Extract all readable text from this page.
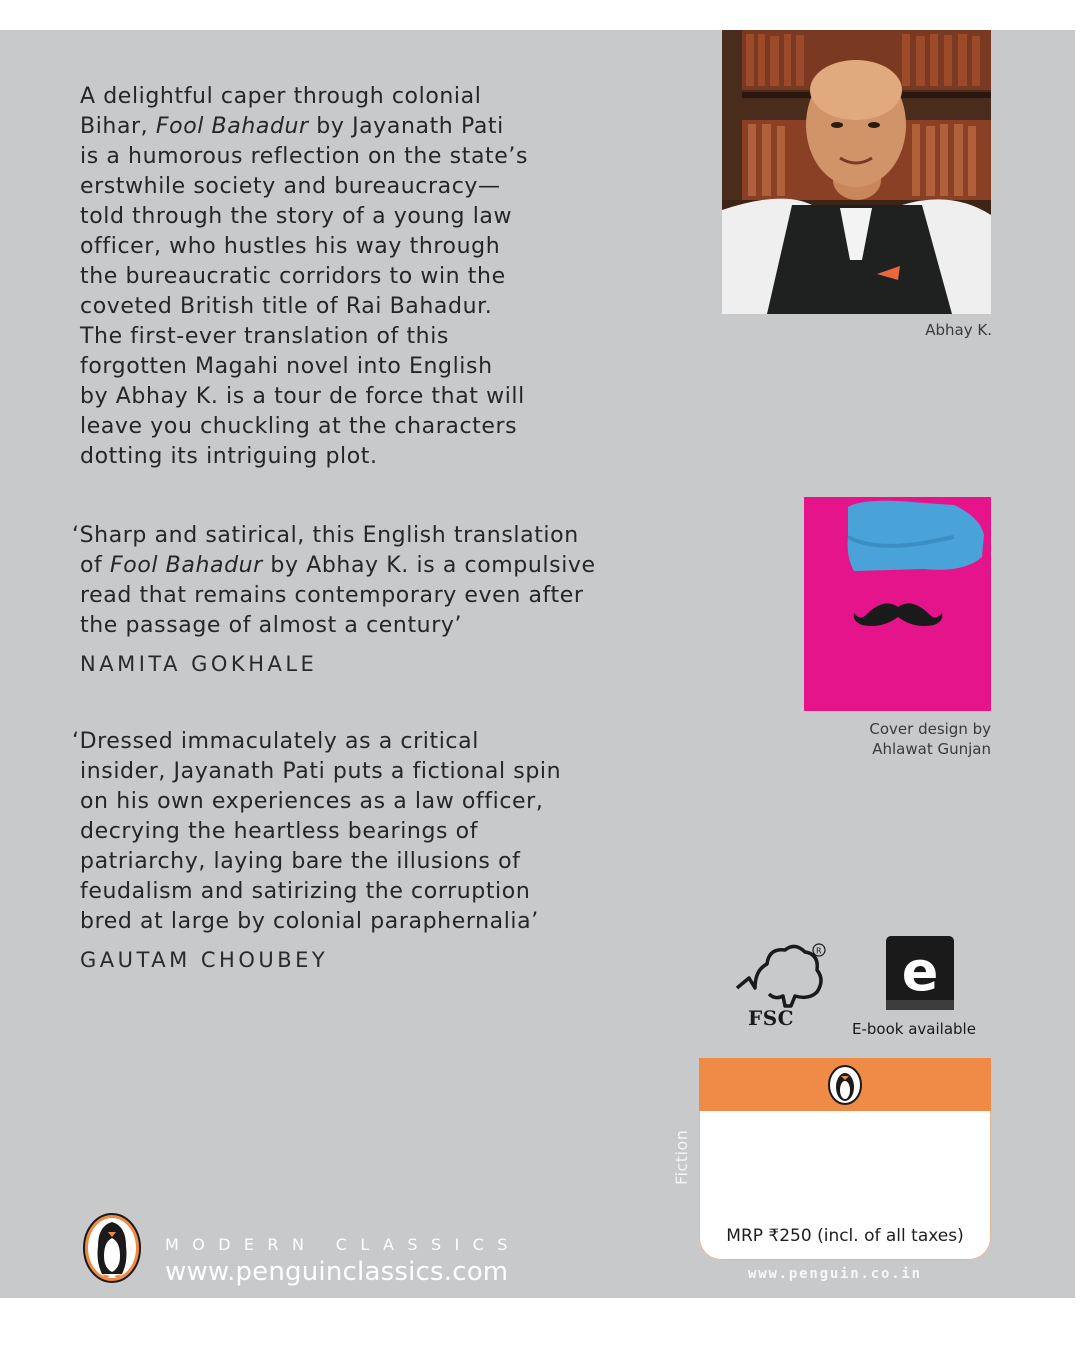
A delightful caper through colonial

Bihar, Fool Bahadur by Jayanath Pati

is a humorous reflection on the state’s

erstwhile society and bureaucracy—

told through the story of a young law

officer, who hustles his way through

the bureaucratic corridors to win the

coveted British title of Rai Bahadur.

The first-ever translation of this

forgotten Magahi novel into English

by Abhay K. is a tour de force that will

leave you chuckling at the characters

dotting its intriguing plot.

‘Sharp and satirical, this English translation

of Fool Bahadur by Abhay K. is a compulsive

read that remains contemporary even after

the passage of almost a century’

NAMITA GOKHALE

‘Dressed immaculately as a critical

insider, Jayanath Pati puts a fictional spin

on his own experiences as a law officer,

decrying the heartless bearings of

patriarchy, laying bare the illusions of

feudalism and satirizing the corruption

bred at large by colonial paraphernalia’

GAUTAM CHOUBEY

Abhay K.
Cover design by
Ahlawat Gunjan
R
FSC
e
E-book available
Fiction
MRP ₹250 (incl. of all taxes)
www.penguin.co.in
MODERN CLASSICS
www.penguinclassics.com
